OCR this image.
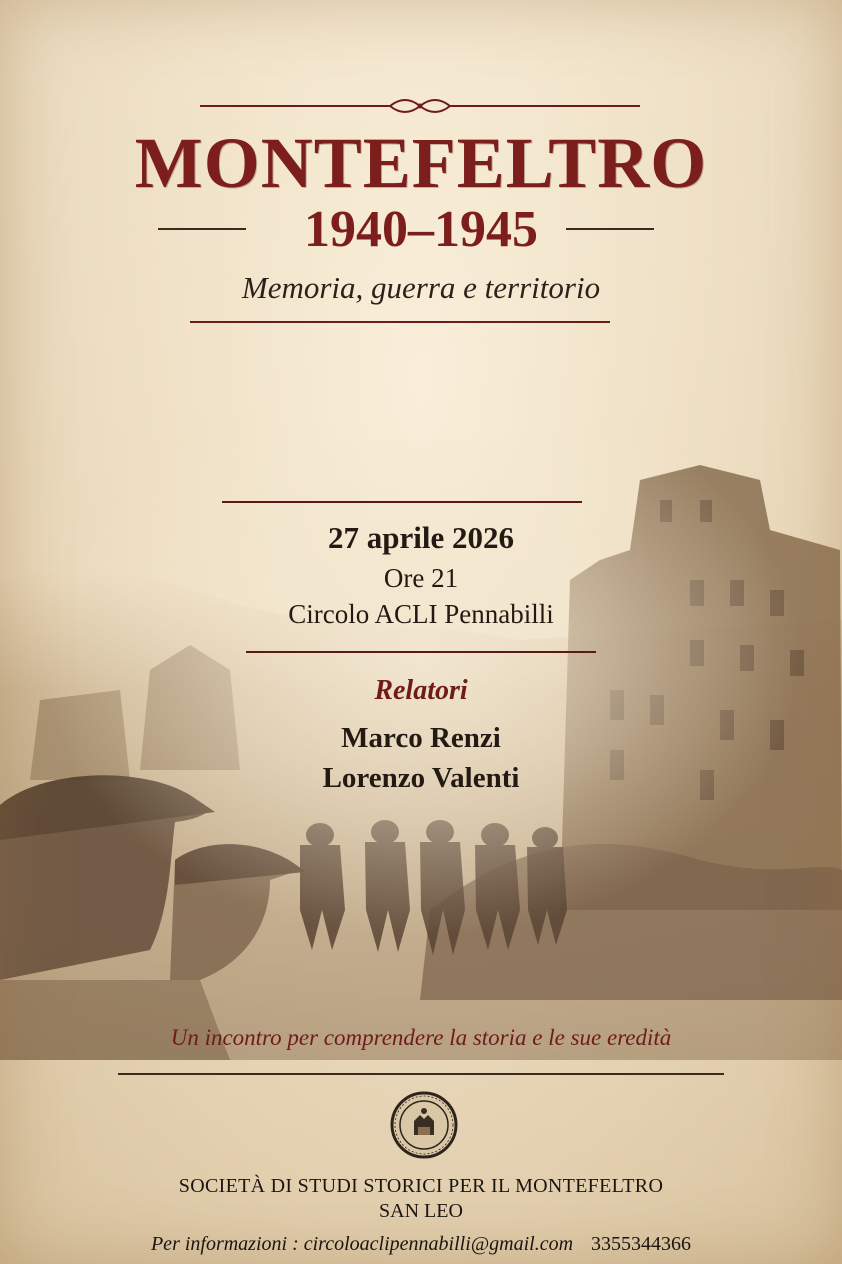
MONTEFELTRO
1940–1945
Memoria, guerra e territorio
27 aprile 2026
Ore 21
Circolo ACLI Pennabilli
Relatori
Marco Renzi
Lorenzo Valenti
Un incontro per comprendere la storia e le sue eredità
SOCIETÀ DI STUDI STORICI PER IL MONTEFELTRO
SAN LEO
Per informazioni : circoloaclipennabilli@gmail.com 3355344366
